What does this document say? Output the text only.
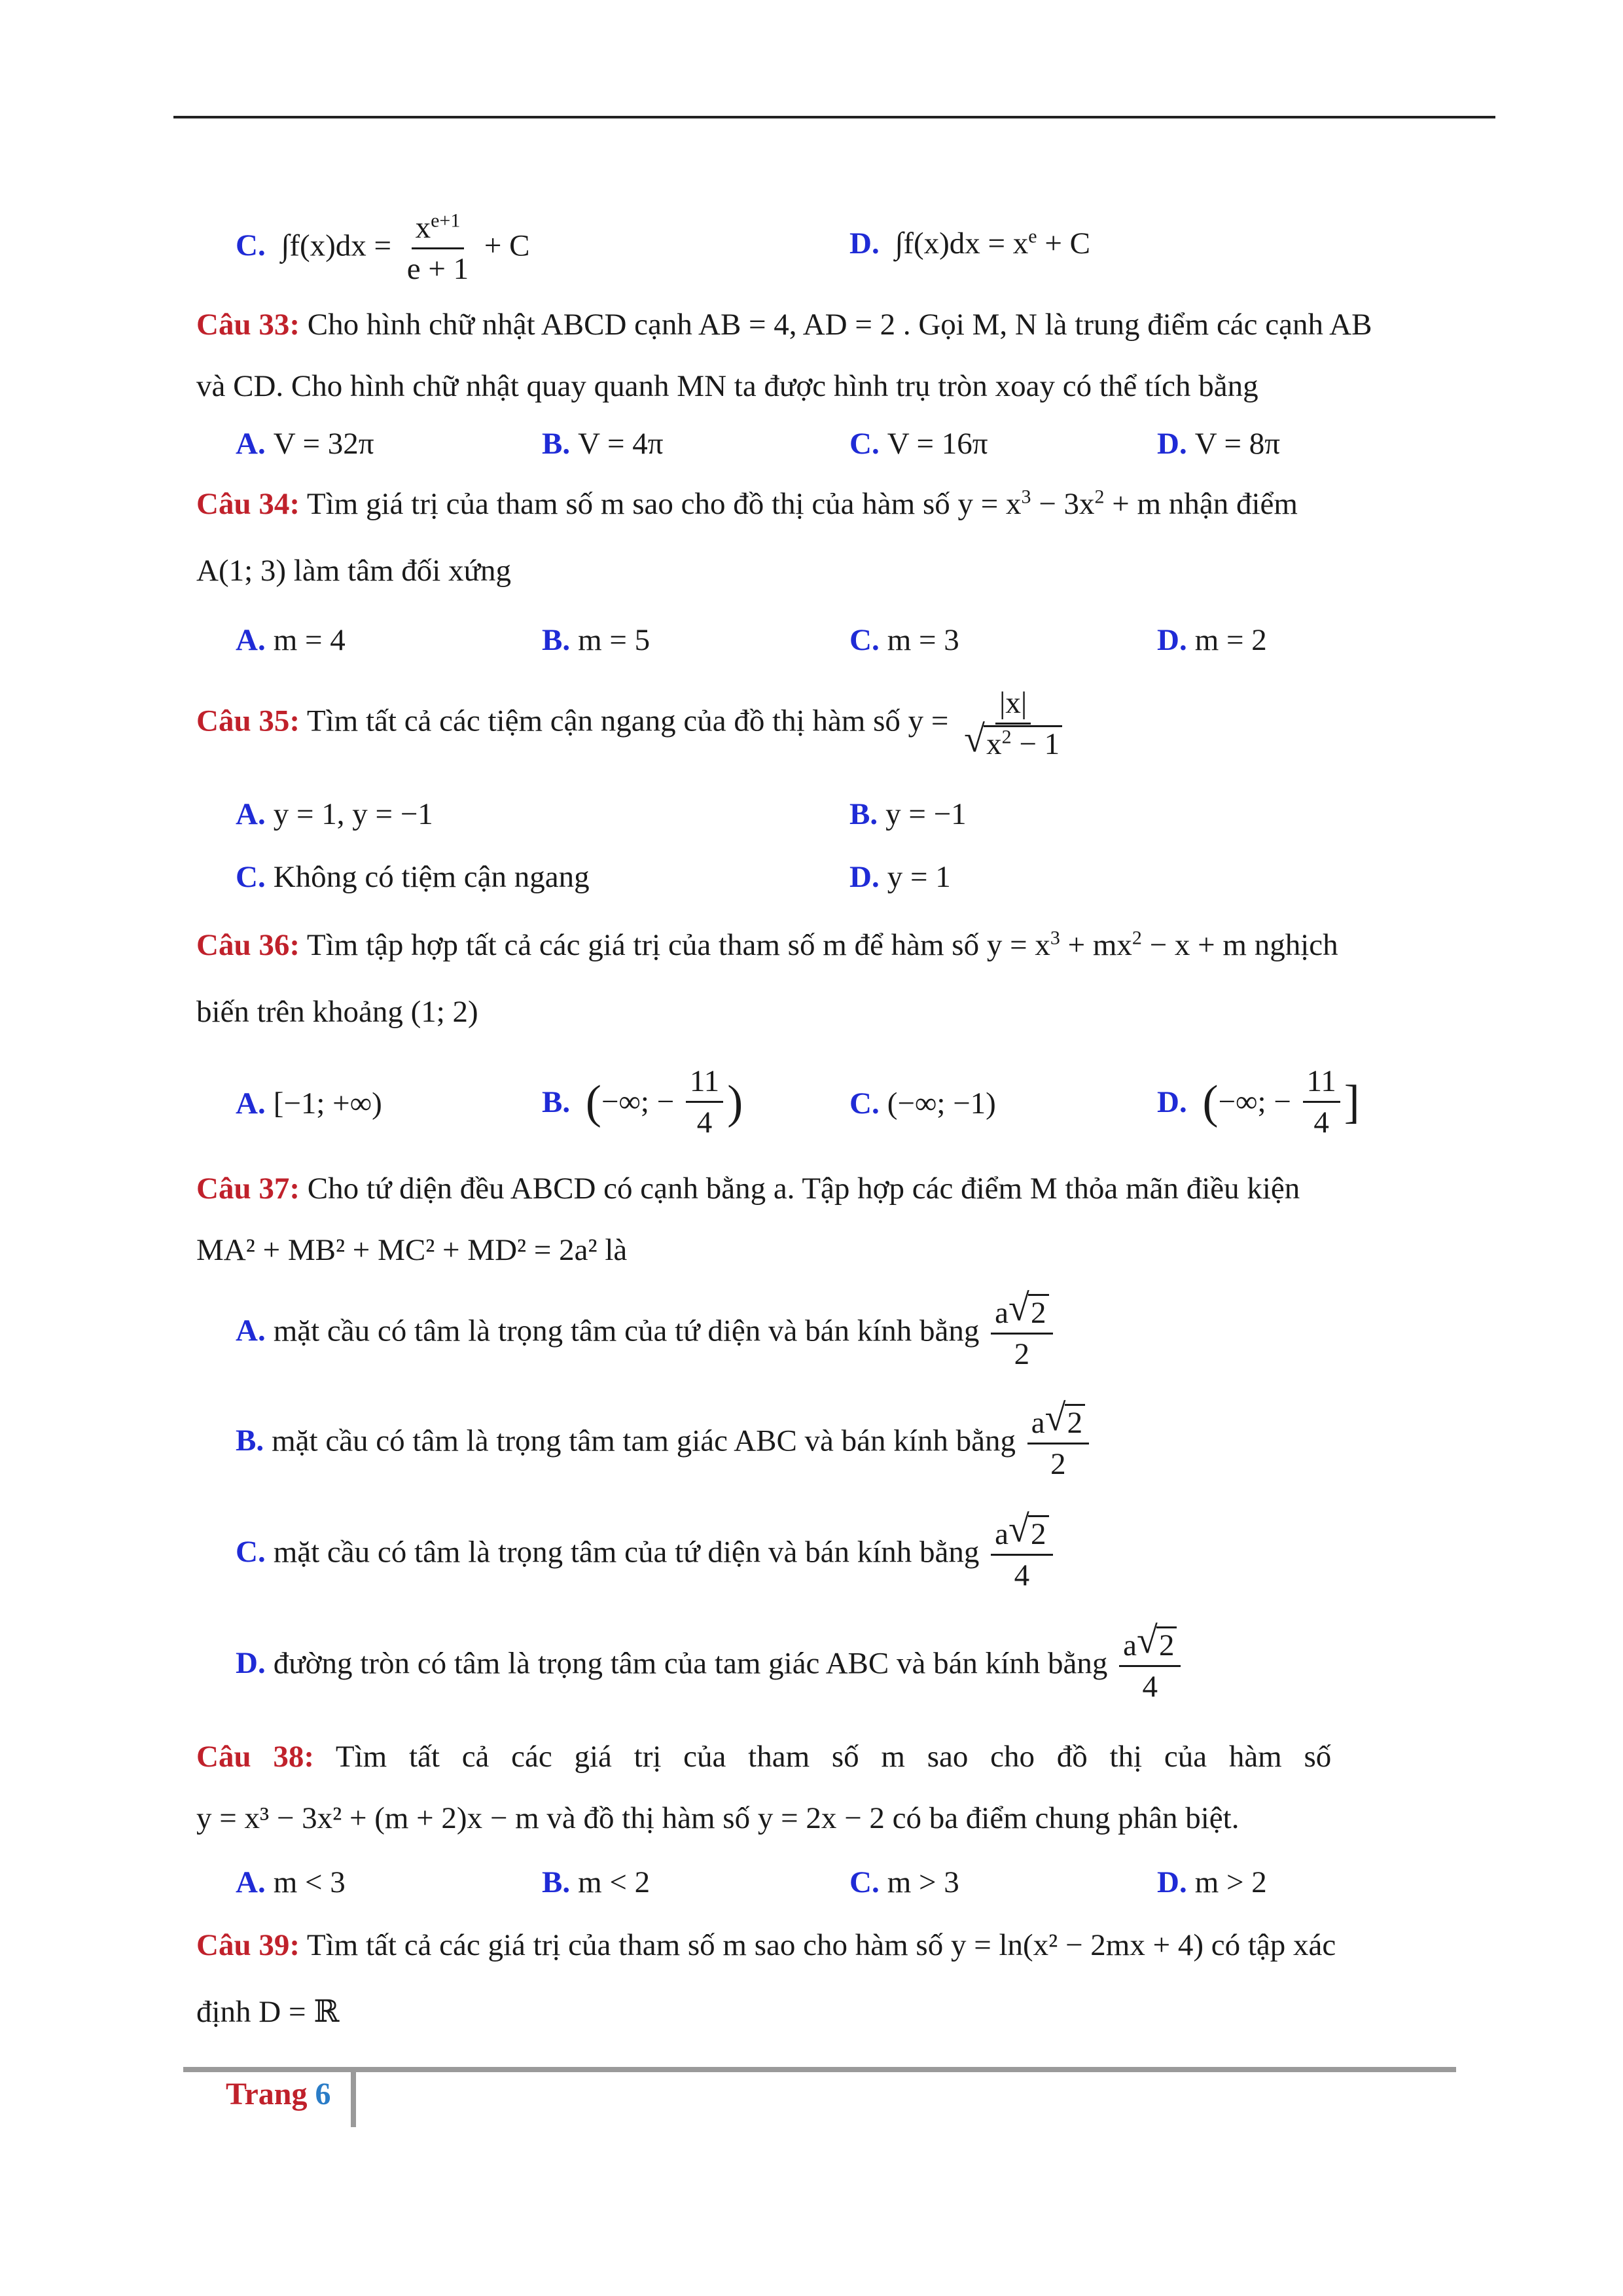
C. $\int f(x)dx = \frac{x^{e+1}}{e + 1} + C$	D. $\int f(x)dx = x^e + C$
Câu 33: Cho hình chữ nhật ABCD cạnh AB = 4, AD = 2 . Gọi M, N là trung điểm các cạnh AB
và CD. Cho hình chữ nhật quay quanh MN ta được hình trụ tròn xoay có thể tích bằng
A. V = 32π	B. V = 4π	C. V = 16π	D. V = 8π
Câu 34: Tìm giá trị của tham số m sao cho đồ thị của hàm số $y = x^3 - 3x^2 + m$ nhận điểm
A(1; 3) làm tâm đối xứng
A. m = 4	B. m = 5	C. m = 3	D. m = 2
Câu 35: Tìm tất cả các tiệm cận ngang của đồ thị hàm số y = |x|
√ $x^2 - 1$
A. y = 1, y = −1	B. y = −1
C. Không có tiệm cận ngang	D. y = 1
Câu 36: Tìm tập hợp tất cả các giá trị của tham số m để hàm số $y = x^3 + mx^2 - x + m$ nghịch
biến trên khoảng (1; 2)
A. [−1; +∞)	B. (−∞; − $\frac{11}{4}$ )	C. (−∞; −1)	D. (−∞; − $\frac{11}{4}$ ]
Câu 37: Cho tứ diện đều ABCD có cạnh bằng a. Tập hợp các điểm M thỏa mãn điều kiện
MA² + MB² + MC² + MD² = 2a² là
A. mặt cầu có tâm là trọng tâm của tứ diện và bán kính bằng $\frac{a √ 2}{2}$
B. mặt cầu có tâm là trọng tâm tam giác ABC và bán kính bằng $\frac{a √ 2}{2}$
C. mặt cầu có tâm là trọng tâm của tứ diện và bán kính bằng $\frac{a √ 2}{4}$
D. đường tròn có tâm là trọng tâm của tam giác ABC và bán kính bằng $\frac{a √ 2}{4}$
Câu 38: Tìm tất cả các giá trị của tham số m sao cho đồ thị của hàm số
y = x³ − 3x² + (m + 2)x − m và đồ thị hàm số y = 2x − 2 có ba điểm chung phân biệt.
A. m < 3	B. m < 2	C. m > 3	D. m > 2
Câu 39: Tìm tất cả các giá trị của tham số m sao cho hàm số y = ln(x² − 2mx + 4) có tập xác
định D = ℝ
Trang 6
